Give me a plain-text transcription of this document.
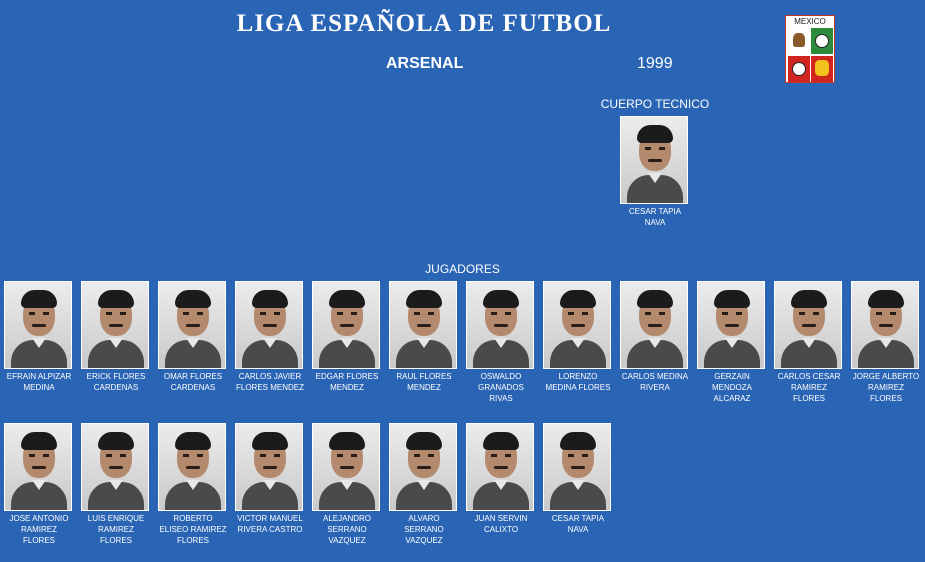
LIGA ESPAÑOLA DE FUTBOL
ARSENAL	1999
MEXICO
CUERPO TECNICO
JUGADORES
CESAR TAPIA NAVA
EFRAIN ALPIZAR MEDINA
ERICK FLORES CARDENAS
OMAR FLORES CARDENAS
CARLOS JAVIER FLORES MENDEZ
EDGAR FLORES MENDEZ
RAUL FLORES MENDEZ
OSWALDO GRANADOS RIVAS
LORENZO MEDINA FLORES
CARLOS MEDINA RIVERA
GERZAIN MENDOZA ALCARAZ
CARLOS CESAR RAMIREZ FLORES
JORGE ALBERTO RAMIREZ FLORES
JOSE ANTONIO RAMIREZ FLORES
LUIS ENRIQUE RAMIREZ FLORES
ROBERTO ELISEO RAMIREZ FLORES
VICTOR MANUEL RIVERA CASTRO
ALEJANDRO SERRANO VAZQUEZ
ALVARO SERRANO VAZQUEZ
JUAN SERVIN CALIXTO
CESAR TAPIA NAVA
